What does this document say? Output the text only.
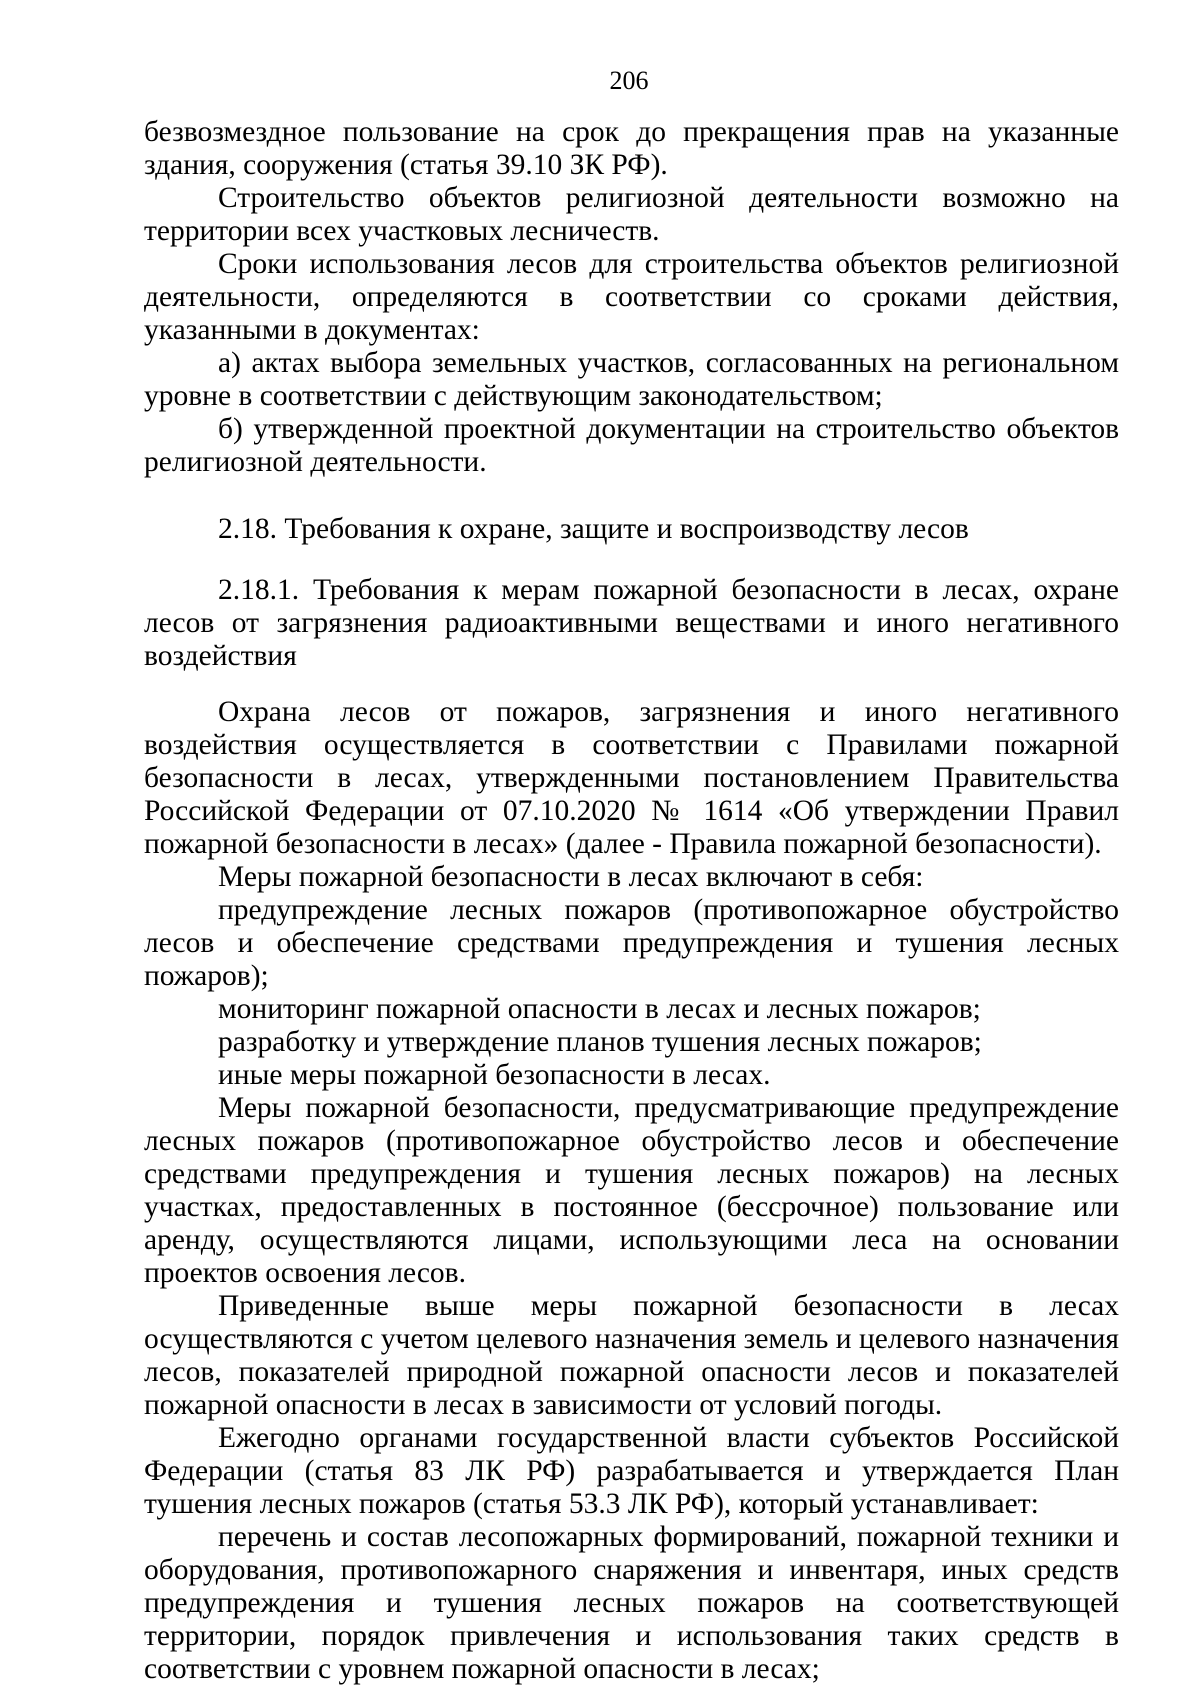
206

безвозмездное пользование на срок до прекращения прав на указанные здания, сооружения (статья 39.10 ЗК РФ).

Строительство объектов религиозной деятельности возможно на территории всех участковых лесничеств.

Сроки использования лесов для строительства объектов религиозной деятельности, определяются в соответствии со сроками действия, указанными в документах:

а) актах выбора земельных участков, согласованных на региональном уровне в соответствии с действующим законодательством;

б) утвержденной проектной документации на строительство объектов религиозной деятельности.

2.18. Требования к охране, защите и воспроизводству лесов

2.18.1. Требования к мерам пожарной безопасности в лесах, охране лесов от загрязнения радиоактивными веществами и иного негативного воздействия

Охрана лесов от пожаров, загрязнения и иного негативного воздействия осуществляется в соответствии с Правилами пожарной безопасности в лесах, утвержденными постановлением Правительства Российской Федерации от 07.10.2020 № 1614 «Об утверждении Правил пожарной безопасности в лесах» (далее - Правила пожарной безопасности).

Меры пожарной безопасности в лесах включают в себя:

предупреждение лесных пожаров (противопожарное обустройство лесов и обеспечение средствами предупреждения и тушения лесных пожаров);

мониторинг пожарной опасности в лесах и лесных пожаров;

разработку и утверждение планов тушения лесных пожаров;

иные меры пожарной безопасности в лесах.

Меры пожарной безопасности, предусматривающие предупреждение лесных пожаров (противопожарное обустройство лесов и обеспечение средствами предупреждения и тушения лесных пожаров) на лесных участках, предоставленных в постоянное (бессрочное) пользование или аренду, осуществляются лицами, использующими леса на основании проектов освоения лесов.

Приведенные выше меры пожарной безопасности в лесах осуществляются с учетом целевого назначения земель и целевого назначения лесов, показателей природной пожарной опасности лесов и показателей пожарной опасности в лесах в зависимости от условий погоды.

Ежегодно органами государственной власти субъектов Российской Федерации (статья 83 ЛК РФ) разрабатывается и утверждается План тушения лесных пожаров (статья 53.3 ЛК РФ), который устанавливает:

перечень и состав лесопожарных формирований, пожарной техники и оборудования, противопожарного снаряжения и инвентаря, иных средств предупреждения и тушения лесных пожаров на соответствующей территории, порядок привлечения и использования таких средств в соответствии с уровнем пожарной опасности в лесах;
